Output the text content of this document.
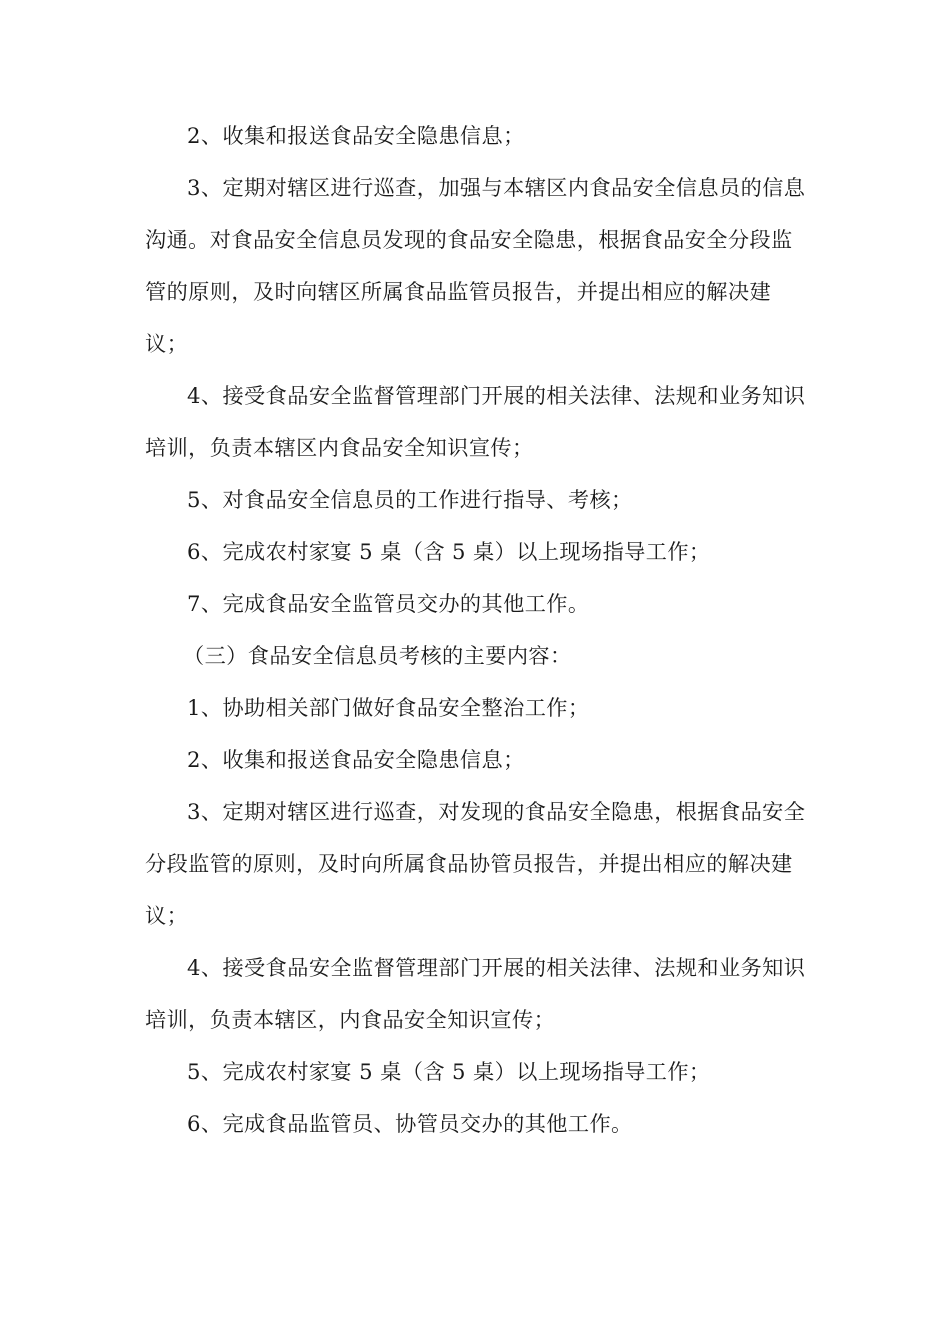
2、收集和报送食品安全隐患信息；

3、定期对辖区进行巡查，加强与本辖区内食品安全信息员的信息沟通。对食品安全信息员发现的食品安全隐患，根据食品安全分段监管的原则，及时向辖区所属食品监管员报告，并提出相应的解决建议；

4、接受食品安全监督管理部门开展的相关法律、法规和业务知识培训，负责本辖区内食品安全知识宣传；

5、对食品安全信息员的工作进行指导、考核；

6、完成农村家宴 5 桌（含 5 桌）以上现场指导工作；

7、完成食品安全监管员交办的其他工作。

（三）食品安全信息员考核的主要内容：

1、协助相关部门做好食品安全整治工作；

2、收集和报送食品安全隐患信息；

3、定期对辖区进行巡查，对发现的食品安全隐患，根据食品安全分段监管的原则，及时向所属食品协管员报告，并提出相应的解决建议；

4、接受食品安全监督管理部门开展的相关法律、法规和业务知识培训，负责本辖区，内食品安全知识宣传；

5、完成农村家宴 5 桌（含 5 桌）以上现场指导工作；

6、完成食品监管员、协管员交办的其他工作。
